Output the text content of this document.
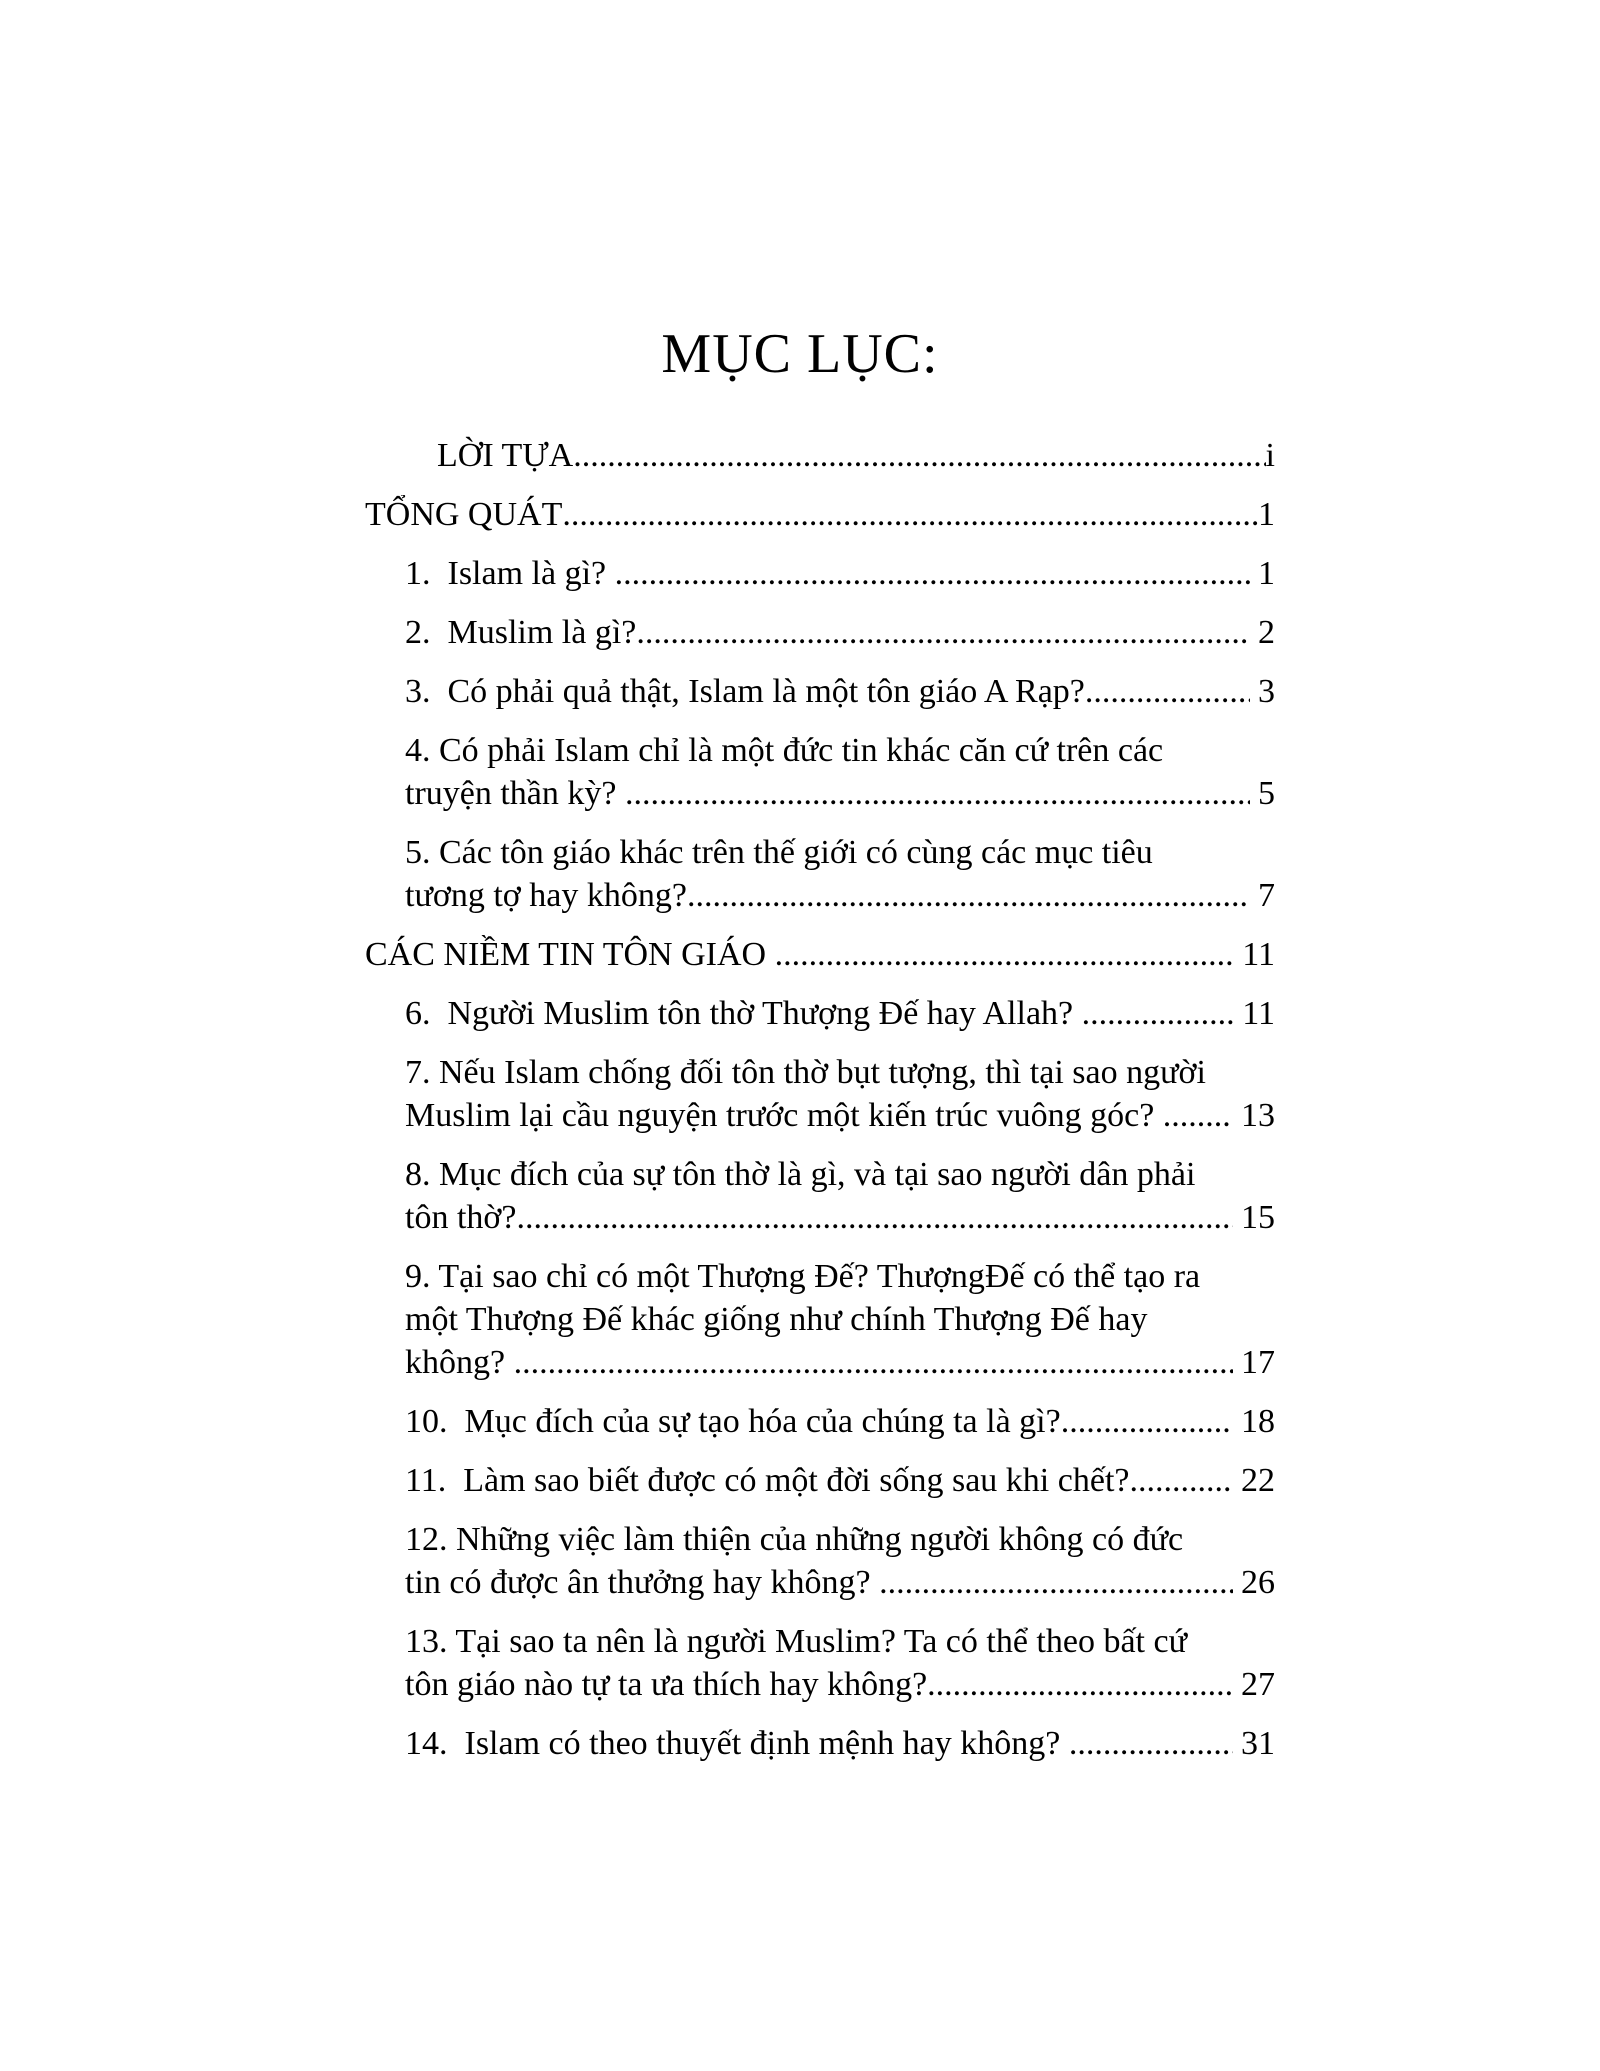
MỤC LỤC:
LỜI TỰA .....	i
TỔNG QUÁT .....	1
1.  Islam là gì? .....	1
2.  Muslim là gì? .....	2
3.  Có phải quả thật, Islam là một tôn giáo A Rạp? .....	3
4. Có phải Islam chỉ là một đức tin khác căn cứ trên các
truyện thần kỳ? .....	5
5. Các tôn giáo khác trên thế giới có cùng các mục tiêu
tương tợ hay không? .....	7
CÁC NIỀM TIN TÔN GIÁO .....	11
6.  Người Muslim tôn thờ Thượng Đế hay Allah? .....	11
7. Nếu Islam chống đối tôn thờ bụt tượng, thì tại sao người
Muslim lại cầu nguyện trước một kiến trúc vuông góc? ..... 13
8. Mục đích của sự tôn thờ là gì, và tại sao người dân phải
tôn thờ? .....	15
9. Tại sao chỉ có một Thượng Đế? ThượngĐế có thể tạo ra
một Thượng Đế khác giống như chính Thượng Đế hay
không? .....	17
10.  Mục đích của sự tạo hóa của chúng ta là gì? .....	18
11.  Làm sao biết được có một đời sống sau khi chết? .....	22
12. Những việc làm thiện của những người không có đức
tin có được ân thưởng hay không? .....	26
13. Tại sao ta nên là người Muslim? Ta có thể theo bất cứ
tôn giáo nào tự ta ưa thích hay không? .....	27
14.  Islam có theo thuyết định mệnh hay không? .....	31
